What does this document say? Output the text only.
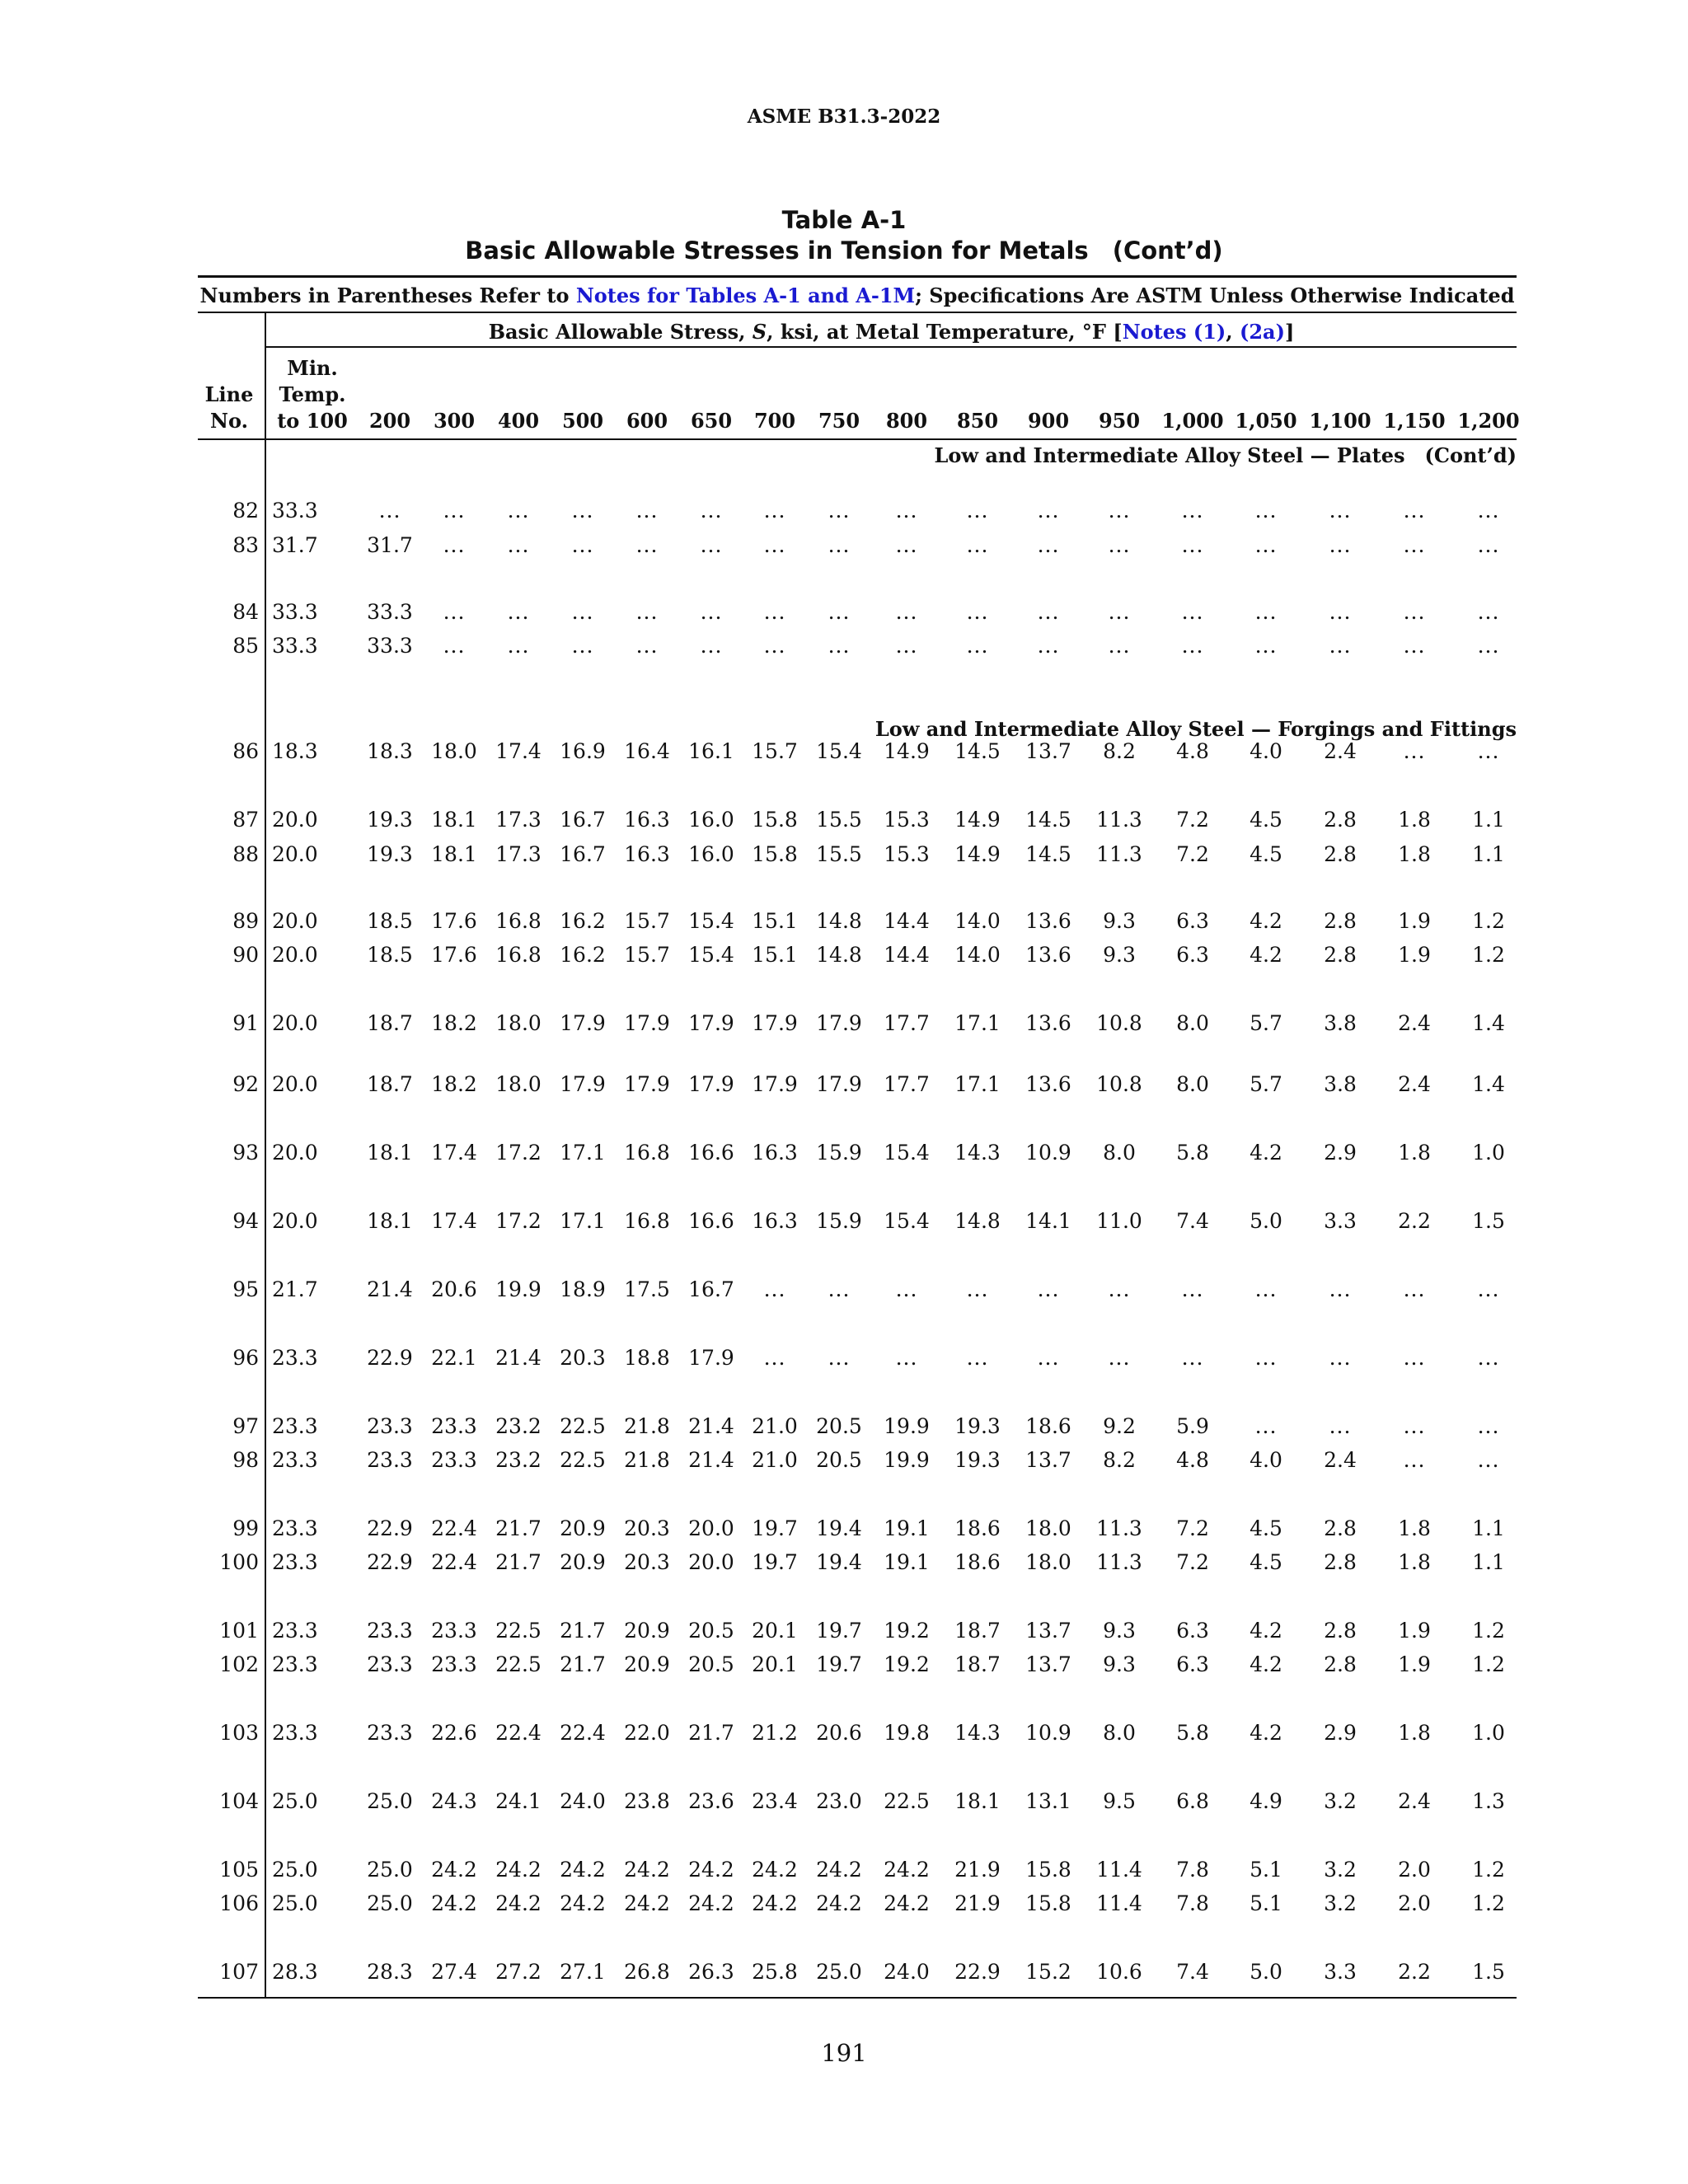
ASME B31.3-2022
Table A-1
Basic Allowable Stresses in Tension for Metals (Cont’d)
Numbers in Parentheses Refer to Notes for Tables A-1 and A-1M; Specifications Are ASTM Unless Otherwise Indicated
Basic Allowable Stress, S, ksi, at Metal Temperature, °F [Notes (1), (2a)]
Line
No.
Min.
Temp.
to 100	200	300	400	500	600	650	700	750	800	850	900	950	1,000 1,050 1,100 1,150 1,200
Low and Intermediate Alloy Steel — Plates (Cont’d)
Low and Intermediate Alloy Steel — Forgings and Fittings
82 33.3	...	...	...	...	...	...	...	...	...	...	...	...	...	...	...	...	...
83 31.7	31.7	...	...	...	...	...	...	...	...	...	...	...	...	...	...	...	...
84 33.3	33.3	...	...	...	...	...	...	...	...	...	...	...	...	...	...	...	...
85 33.3	33.3	...	...	...	...	...	...	...	...	...	...	...	...	...	...	...	...
86 18.3	18.3 18.0 17.4 16.9 16.4 16.1 15.7 15.4	14.9	14.5	13.7	8.2	4.8	4.0	2.4	...	...
87 20.0	19.3 18.1 17.3 16.7 16.3 16.0 15.8 15.5	15.3	14.9	14.5	11.3	7.2	4.5	2.8	1.8	1.1
88 20.0	19.3 18.1 17.3 16.7 16.3 16.0 15.8 15.5	15.3	14.9	14.5	11.3	7.2	4.5	2.8	1.8	1.1
89 20.0	18.5 17.6 16.8 16.2 15.7 15.4 15.1 14.8	14.4	14.0	13.6	9.3	6.3	4.2	2.8	1.9	1.2
90 20.0	18.5 17.6 16.8 16.2 15.7 15.4 15.1 14.8	14.4	14.0	13.6	9.3	6.3	4.2	2.8	1.9	1.2
91 20.0	18.7 18.2 18.0 17.9 17.9 17.9 17.9 17.9	17.7	17.1	13.6	10.8	8.0	5.7	3.8	2.4	1.4
92 20.0	18.7 18.2 18.0 17.9 17.9 17.9 17.9 17.9	17.7	17.1	13.6	10.8	8.0	5.7	3.8	2.4	1.4
93 20.0	18.1 17.4 17.2 17.1 16.8 16.6 16.3 15.9	15.4	14.3	10.9	8.0	5.8	4.2	2.9	1.8	1.0
94 20.0	18.1 17.4 17.2 17.1 16.8 16.6 16.3 15.9	15.4	14.8	14.1	11.0	7.4	5.0	3.3	2.2	1.5
95 21.7	21.4 20.6 19.9 18.9 17.5 16.7	...	...	...	...	...	...	...	...	...	...	...
96 23.3	22.9 22.1 21.4 20.3 18.8 17.9	...	...	...	...	...	...	...	...	...	...	...
97 23.3	23.3 23.3 23.2 22.5 21.8 21.4 21.0 20.5	19.9	19.3	18.6	9.2	5.9	...	...	...	...
98 23.3	23.3 23.3 23.2 22.5 21.8 21.4 21.0 20.5	19.9	19.3	13.7	8.2	4.8	4.0	2.4	...	...
99 23.3	22.9 22.4 21.7 20.9 20.3 20.0 19.7 19.4	19.1	18.6	18.0	11.3	7.2	4.5	2.8	1.8	1.1
100 23.3	22.9 22.4 21.7 20.9 20.3 20.0 19.7 19.4	19.1	18.6	18.0	11.3	7.2	4.5	2.8	1.8	1.1
101 23.3	23.3 23.3 22.5 21.7 20.9 20.5 20.1 19.7	19.2	18.7	13.7	9.3	6.3	4.2	2.8	1.9	1.2
102 23.3	23.3 23.3 22.5 21.7 20.9 20.5 20.1 19.7	19.2	18.7	13.7	9.3	6.3	4.2	2.8	1.9	1.2
103 23.3	23.3 22.6 22.4 22.4 22.0 21.7 21.2 20.6	19.8	14.3	10.9	8.0	5.8	4.2	2.9	1.8	1.0
104 25.0	25.0 24.3 24.1 24.0 23.8 23.6 23.4 23.0	22.5	18.1	13.1	9.5	6.8	4.9	3.2	2.4	1.3
105 25.0	25.0 24.2 24.2 24.2 24.2 24.2 24.2 24.2	24.2	21.9	15.8	11.4	7.8	5.1	3.2	2.0	1.2
106 25.0	25.0 24.2 24.2 24.2 24.2 24.2 24.2 24.2	24.2	21.9	15.8	11.4	7.8	5.1	3.2	2.0	1.2
107 28.3	28.3 27.4 27.2 27.1 26.8 26.3 25.8 25.0	24.0	22.9	15.2	10.6	7.4	5.0	3.3	2.2	1.5
191
